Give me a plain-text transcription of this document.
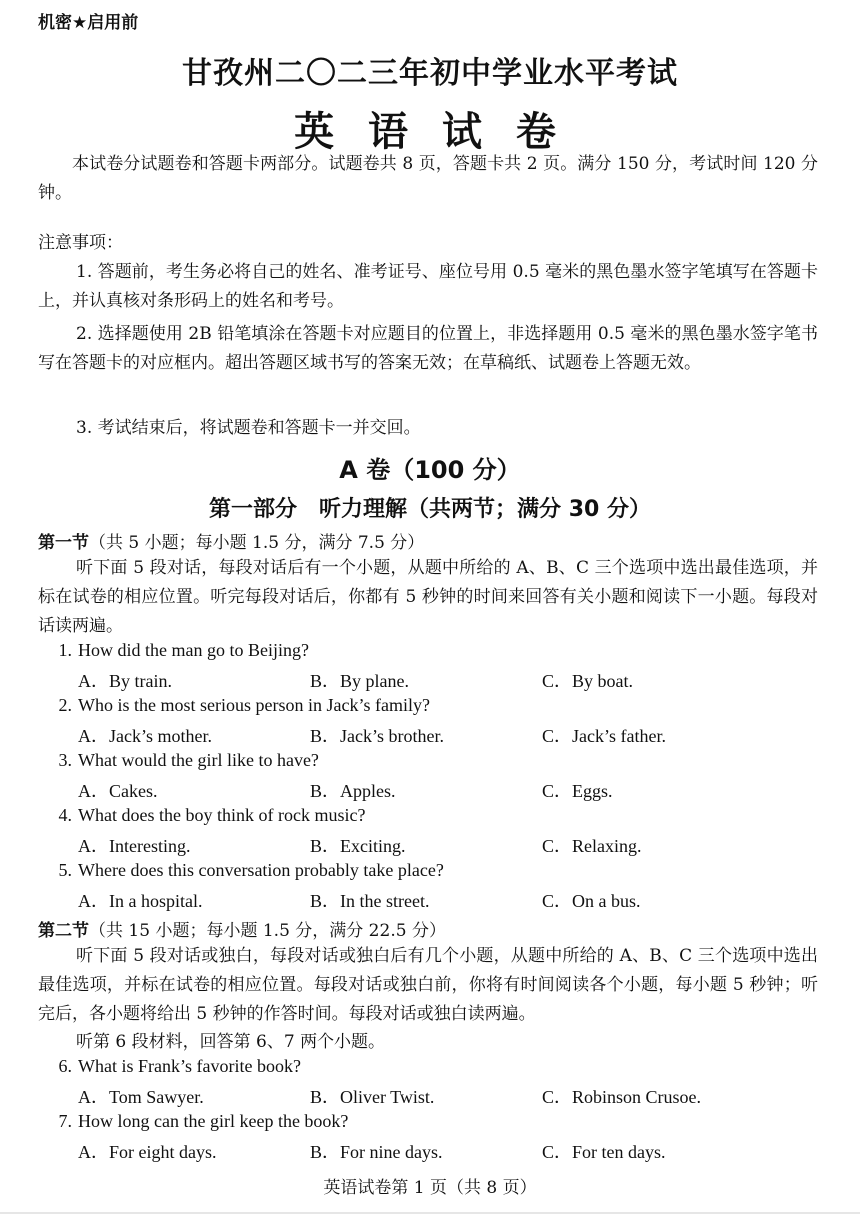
机密★启用前
甘孜州二〇二三年初中学业水平考试
英 语 试 卷
本试卷分试题卷和答题卡两部分。试题卷共 8 页，答题卡共 2 页。满分 150 分，考试时间 120 分钟。
注意事项：
1. 答题前，考生务必将自己的姓名、准考证号、座位号用 0.5 毫米的黑色墨水签字笔填写在答题卡上，并认真核对条形码上的姓名和考号。
2. 选择题使用 2B 铅笔填涂在答题卡对应题目的位置上，非选择题用 0.5 毫米的黑色墨水签字笔书写在答题卡的对应框内。超出答题区域书写的答案无效；在草稿纸、试题卷上答题无效。
3. 考试结束后，将试题卷和答题卡一并交回。
A 卷（100 分）
第一部分　听力理解（共两节；满分 30 分）
第一节（共 5 小题；每小题 1.5 分，满分 7.5 分）
听下面 5 段对话，每段对话后有一个小题，从题中所给的 A、B、C 三个选项中选出最佳选项，并标在试卷的相应位置。听完每段对话后，你都有 5 秒钟的时间来回答有关小题和阅读下一小题。每段对话读两遍。
1. How did the man go to Beijing?
A．By train.	B．By plane.	C．By boat.
2. Who is the most serious person in Jack’s family?
A．Jack’s mother.	B．Jack’s brother.	C．Jack’s father.
3. What would the girl like to have?
A．Cakes.	B．Apples.	C．Eggs.
4. What does the boy think of rock music?
A．Interesting.	B．Exciting.	C．Relaxing.
5. Where does this conversation probably take place?
A．In a hospital.	B．In the street.	C．On a bus.
第二节（共 15 小题；每小题 1.5 分，满分 22.5 分）
听下面 5 段对话或独白，每段对话或独白后有几个小题，从题中所给的 A、B、C 三个选项中选出最佳选项，并标在试卷的相应位置。每段对话或独白前，你将有时间阅读各个小题，每小题 5 秒钟；听完后，各小题将给出 5 秒钟的作答时间。每段对话或独白读两遍。
听第 6 段材料，回答第 6、7 两个小题。
6. What is Frank’s favorite book?
A．Tom Sawyer.	B．Oliver Twist.	C．Robinson Crusoe.
7. How long can the girl keep the book?
A．For eight days.	B．For nine days.	C．For ten days.
英语试卷第 1 页（共 8 页）
